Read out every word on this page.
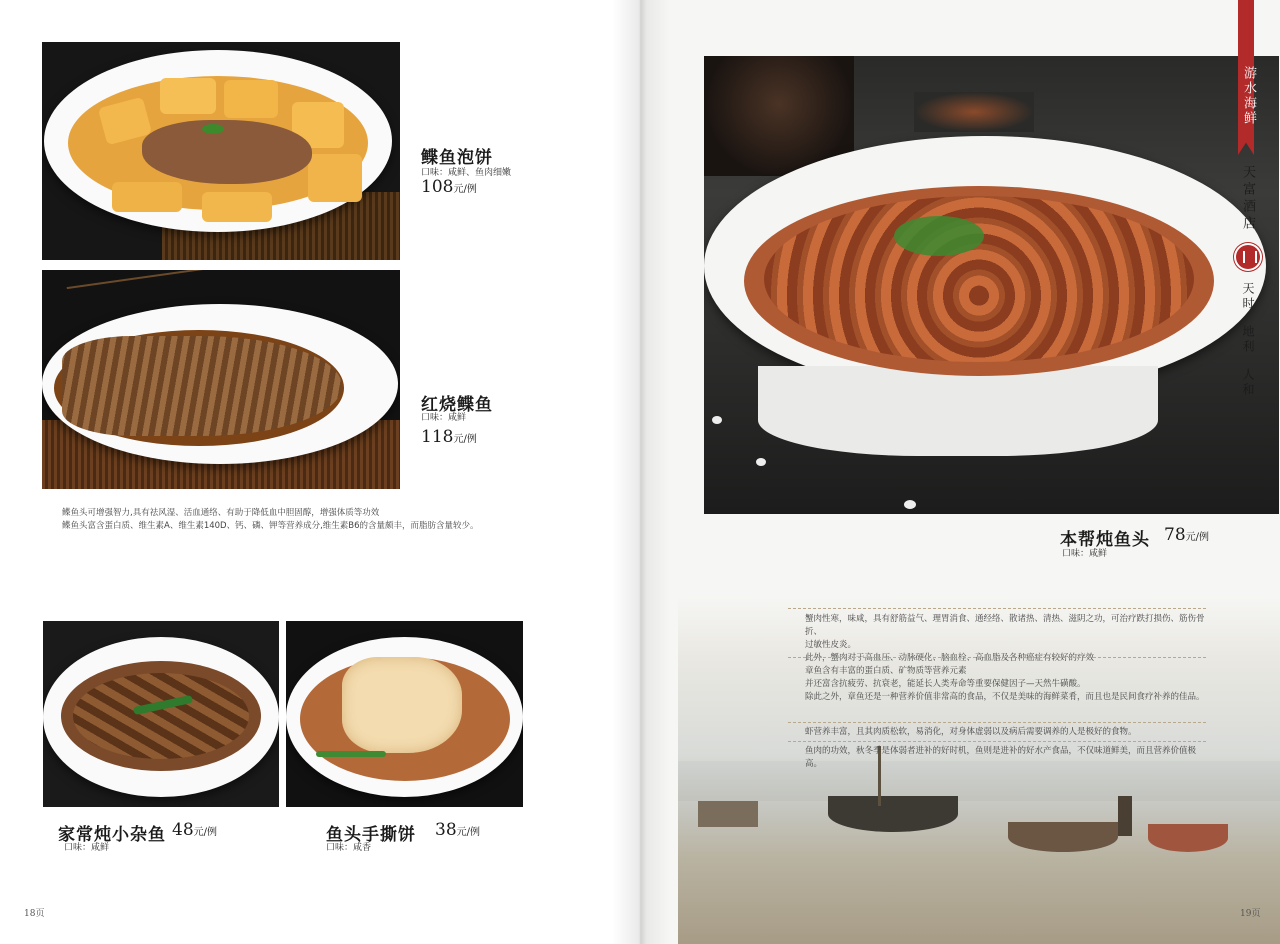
鲽鱼泡饼
口味：咸鲜、鱼肉细嫩
108元/例
红烧鲽鱼
口味：咸鲜
118元/例
鲽鱼头可增强智力,具有祛风湿、活血通络、有助于降低血中胆固醇，增强体质等功效
鲽鱼头富含蛋白质、维生素A、维生素140D、钙、磷、钾等营养成分,维生素B6的含量颇丰，而脂肪含量较少。
家常炖小杂鱼 48元/例
口味：咸鲜
鱼头手撕饼 38元/例
口味：咸香
18页
本帮炖鱼头 78元/例
口味：咸鲜
蟹肉性寒，味咸，具有舒筋益气、理胃消食、通经络、散诸热、清热、滋阴之功，可治疗跌打损伤、筋伤骨折、
过敏性皮炎。
此外，蟹肉对于高血压、动脉硬化、脑血栓、高血脂及各种癌症有较好的疗效
章鱼含有丰富的蛋白质、矿物质等营养元素
并还富含抗疲劳、抗衰老，能延长人类寿命等重要保健因子—天然牛磺酸。
除此之外，章鱼还是一种营养价值非常高的食品，不仅是美味的海鲜菜肴，而且也是民间食疗补养的佳品。
虾营养丰富，且其肉质松软，易消化，对身体虚弱以及病后需要调养的人是极好的食物。
鱼肉的功效，秋冬季是体弱者进补的好时机，鱼则是进补的好水产食品，不仅味道鲜美，而且营养价值极高。
游水海鲜
天富酒店
天时
地利
人和
19页
